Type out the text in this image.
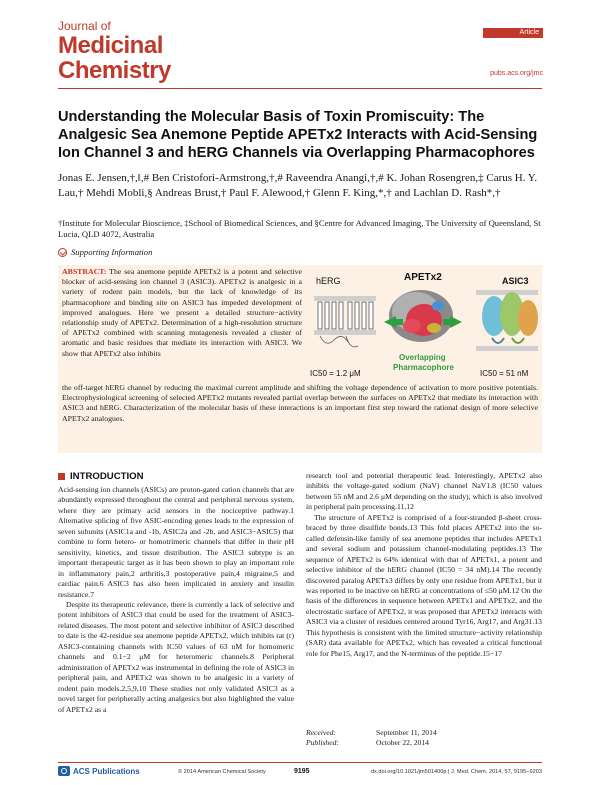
Journal of
Medicinal
Chemistry
Article
pubs.acs.org/jmc
Understanding the Molecular Basis of Toxin Promiscuity: The Analgesic Sea Anemone Peptide APETx2 Interacts with Acid-Sensing Ion Channel 3 and hERG Channels via Overlapping Pharmacophores
Jonas E. Jensen,†,‖,# Ben Cristofori-Armstrong,†,# Raveendra Anangi,†,# K. Johan Rosengren,‡ Carus H. Y. Lau,† Mehdi Mobli,§ Andreas Brust,† Paul F. Alewood,† Glenn F. King,*,† and Lachlan D. Rash*,†
†Institute for Molecular Bioscience, ‡School of Biomedical Sciences, and §Centre for Advanced Imaging, The University of Queensland, St Lucia, QLD 4072, Australia
Supporting Information
ABSTRACT: The sea anemone peptide APETx2 is a potent and selective blocker of acid-sensing ion channel 3 (ASIC3). APETx2 is analgesic in a variety of rodent pain models, but the lack of knowledge of its pharmacophore and binding site on ASIC3 has impeded development of improved analogues. Here we present a detailed structure−activity relationship study of APETx2. Determination of a high-resolution structure of APETx2 combined with scanning mutagenesis revealed a cluster of aromatic and basic residues that mediate its interaction with ASIC3. We show that APETx2 also inhibits
the off-target hERG channel by reducing the maximal current amplitude and shifting the voltage dependence of activation to more positive potentials. Electrophysiological screening of selected APETx2 mutants revealed partial overlap between the surfaces on APETx2 that mediate its interaction with ASIC3 and hERG. Characterization of the molecular basis of these interactions is an important first step toward the rational design of more selective APETx2 analogues.
hERG
IC50 = 1.2 μM
APETx2
Overlapping
Pharmacophore
ASIC3
IC50 = 51 nM
INTRODUCTION

Acid-sensing ion channels (ASICs) are proton-gated cation channels that are abundantly expressed throughout the central and peripheral nervous system, where they are primary acid sensors in the nociceptive pathway.1 Alternative splicing of five ASIC-encoding genes leads to the expression of seven subunits (ASIC1a and -1b, ASIC2a and -2b, and ASIC3−ASIC5) that combine to form hetero- or homotrimeric channels that differ in their pH sensitivity, kinetics, and tissue distribution. The ASIC3 subtype is an important therapeutic target as it has been shown to play an important role in inflammatory pain,2 arthritis,3 postoperative pain,4 migraine,5 and cardiac pain.6 ASIC3 has also been implicated in anxiety and insulin resistance.7

Despite its therapeutic relevance, there is currently a lack of selective and potent inhibitors of ASIC3 that could be used for the treatment of ASIC3-related diseases. The most potent and selective inhibitor of ASIC3 described to date is the 42-residue sea anemone peptide APETx2, which inhibits rat (r) ASIC3-containing channels with IC50 values of 63 nM for homomeric channels and 0.1−2 μM for heteromeric channels.8 Peripheral administration of APETx2 was instrumental in defining the role of ASIC3 in peripheral pain, and APETx2 was shown to be analgesic in a variety of rodent pain models.2,5,9,10 These studies not only validated ASIC3 as a novel target for peripherally acting analgesics but also highlighted the value of APETx2 as a

research tool and potential therapeutic lead. Interestingly, APETx2 also inhibits the voltage-gated sodium (NaV) channel NaV1.8 (IC50 values between 55 nM and 2.6 μM depending on the study), which is also involved in peripheral pain processing.11,12

The structure of APETx2 is comprised of a four-stranded β-sheet cross-braced by three disulfide bonds.13 This fold places APETx2 into the so-called defensin-like family of sea anemone peptides that includes APETx1 and several sodium and potassium channel-modulating peptides.13 The sequence of APETx2 is 64% identical with that of APETx1, a potent and selective inhibitor of the hERG channel (IC50 = 34 nM).14 The recently discovered paralog APETx3 differs by only one residue from APETx1, but it was reported to be inactive on hERG at concentrations of ≤50 μM.12 On the basis of the differences in sequence between APETx1 and APETx2, and the electrostatic surface of APETx2, it was proposed that APETx2 interacts with ASIC3 via a cluster of residues centered around Tyr16, Arg17, and Arg31.13 This hypothesis is consistent with the limited structure−activity relationship (SAR) data available for APETx2, which has revealed a critical functional role for Phe15, Arg17, and the N-terminus of the peptide.15−17

Received:	September 11, 2014
Published:	October 22, 2014
ACS Publications	© 2014 American Chemical Society	9195	dx.doi.org/10.1021/jm501400p | J. Med. Chem. 2014, 57, 9195−9203
